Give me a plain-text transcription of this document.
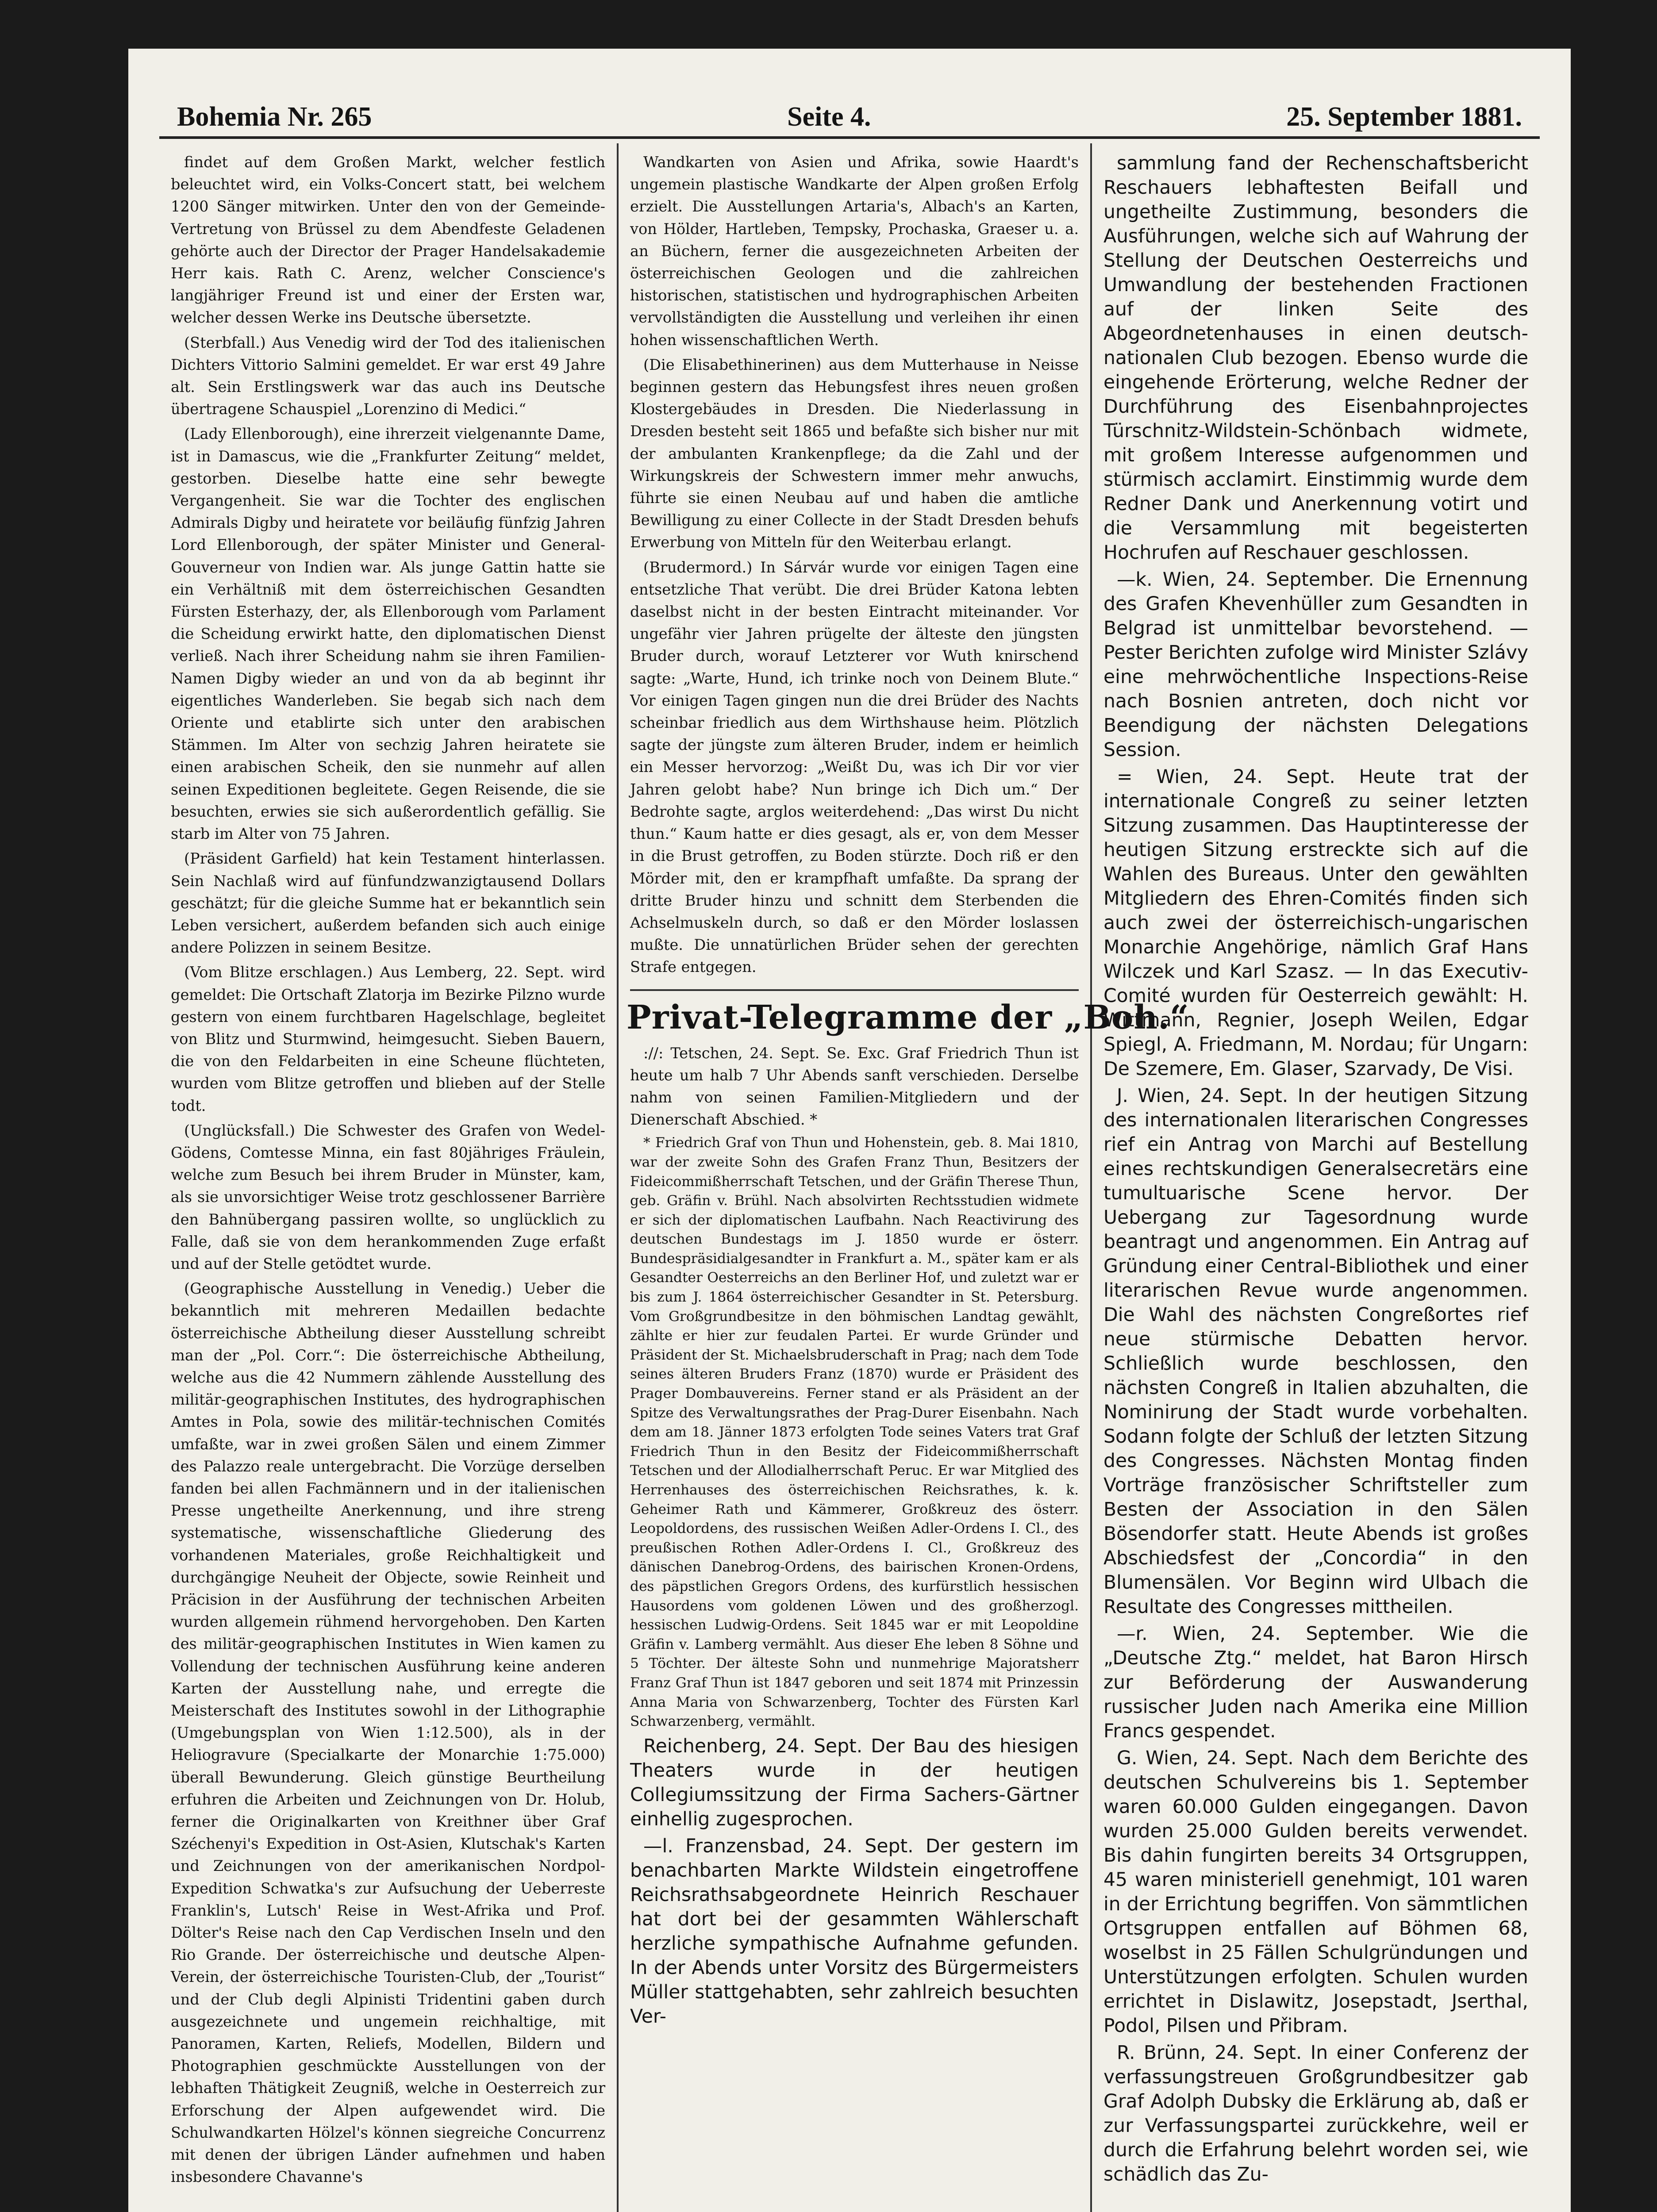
Bohemia Nr. 265	Seite 4.	25. September 1881.

findet auf dem Großen Markt, welcher festlich beleuchtet wird, ein Volks-Concert statt, bei welchem 1200 Sänger mitwirken. Unter den von der Gemeinde-Vertretung von Brüssel zu dem Abendfeste Geladenen gehörte auch der Director der Prager Handelsakademie Herr kais. Rath C. Arenz, welcher Conscience's langjähriger Freund ist und einer der Ersten war, welcher dessen Werke ins Deutsche übersetzte.

(Sterbfall.) Aus Venedig wird der Tod des italienischen Dichters Vittorio Salmini gemeldet. Er war erst 49 Jahre alt. Sein Erstlingswerk war das auch ins Deutsche übertragene Schauspiel „Lorenzino di Medici.“

(Lady Ellenborough), eine ihrerzeit vielgenannte Dame, ist in Damascus, wie die „Frankfurter Zeitung“ meldet, gestorben. Dieselbe hatte eine sehr bewegte Vergangenheit. Sie war die Tochter des englischen Admirals Digby und heiratete vor beiläufig fünfzig Jahren Lord Ellenborough, der später Minister und General-Gouverneur von Indien war. Als junge Gattin hatte sie ein Verhältniß mit dem österreichischen Gesandten Fürsten Esterhazy, der, als Ellenborough vom Parlament die Scheidung erwirkt hatte, den diplomatischen Dienst verließ. Nach ihrer Scheidung nahm sie ihren Familien-Namen Digby wieder an und von da ab beginnt ihr eigentliches Wanderleben. Sie begab sich nach dem Oriente und etablirte sich unter den arabischen Stämmen. Im Alter von sechzig Jahren heiratete sie einen arabischen Scheik, den sie nunmehr auf allen seinen Expeditionen begleitete. Gegen Reisende, die sie besuchten, erwies sie sich außerordentlich gefällig. Sie starb im Alter von 75 Jahren.

(Präsident Garfield) hat kein Testament hinterlassen. Sein Nachlaß wird auf fünfundzwanzigtausend Dollars geschätzt; für die gleiche Summe hat er bekanntlich sein Leben versichert, außerdem befanden sich auch einige andere Polizzen in seinem Besitze.

(Vom Blitze erschlagen.) Aus Lemberg, 22. Sept. wird gemeldet: Die Ortschaft Zlatorja im Bezirke Pilzno wurde gestern von einem furchtbaren Hagelschlage, begleitet von Blitz und Sturmwind, heimgesucht. Sieben Bauern, die von den Feldarbeiten in eine Scheune flüchteten, wurden vom Blitze getroffen und blieben auf der Stelle todt.

(Unglücksfall.) Die Schwester des Grafen von Wedel-Gödens, Comtesse Minna, ein fast 80jähriges Fräulein, welche zum Besuch bei ihrem Bruder in Münster, kam, als sie unvorsichtiger Weise trotz geschlossener Barrière den Bahnübergang passiren wollte, so unglücklich zu Falle, daß sie von dem herankommenden Zuge erfaßt und auf der Stelle getödtet wurde.

(Geographische Ausstellung in Venedig.) Ueber die bekanntlich mit mehreren Medaillen bedachte österreichische Abtheilung dieser Ausstellung schreibt man der „Pol. Corr.“: Die österreichische Abtheilung, welche aus die 42 Nummern zählende Ausstellung des militär-geographischen Institutes, des hydrographischen Amtes in Pola, sowie des militär-technischen Comités umfaßte, war in zwei großen Sälen und einem Zimmer des Palazzo reale untergebracht. Die Vorzüge derselben fanden bei allen Fachmännern und in der italienischen Presse ungetheilte Anerkennung, und ihre streng systematische, wissenschaftliche Gliederung des vorhandenen Materiales, große Reichhaltigkeit und durchgängige Neuheit der Objecte, sowie Reinheit und Präcision in der Ausführung der technischen Arbeiten wurden allgemein rühmend hervorgehoben. Den Karten des militär-geographischen Institutes in Wien kamen zu Vollendung der technischen Ausführung keine anderen Karten der Ausstellung nahe, und erregte die Meisterschaft des Institutes sowohl in der Lithographie (Umgebungsplan von Wien 1:12.500), als in der Heliogravure (Specialkarte der Monarchie 1:75.000) überall Bewunderung. Gleich günstige Beurtheilung erfuhren die Arbeiten und Zeichnungen von Dr. Holub, ferner die Originalkarten von Kreithner über Graf Széchenyi's Expedition in Ost-Asien, Klutschak's Karten und Zeichnungen von der amerikanischen Nordpol-Expedition Schwatka's zur Aufsuchung der Ueberreste Franklin's, Lutsch' Reise in West-Afrika und Prof. Dölter's Reise nach den Cap Verdischen Inseln und den Rio Grande. Der österreichische und deutsche Alpen-Verein, der österreichische Touristen-Club, der „Tourist“ und der Club degli Alpinisti Tridentini gaben durch ausgezeichnete und ungemein reichhaltige, mit Panoramen, Karten, Reliefs, Modellen, Bildern und Photographien geschmückte Ausstellungen von der lebhaften Thätigkeit Zeugniß, welche in Oesterreich zur Erforschung der Alpen aufgewendet wird. Die Schulwandkarten Hölzel's können siegreiche Concurrenz mit denen der übrigen Länder aufnehmen und haben insbesondere Chavanne's

Wandkarten von Asien und Afrika, sowie Haardt's ungemein plastische Wandkarte der Alpen großen Erfolg erzielt. Die Ausstellungen Artaria's, Albach's an Karten, von Hölder, Hartleben, Tempsky, Prochaska, Graeser u. a. an Büchern, ferner die ausgezeichneten Arbeiten der österreichischen Geologen und die zahlreichen historischen, statistischen und hydrographischen Arbeiten vervollständigten die Ausstellung und verleihen ihr einen hohen wissenschaftlichen Werth.

(Die Elisabethinerinen) aus dem Mutterhause in Neisse beginnen gestern das Hebungsfest ihres neuen großen Klostergebäudes in Dresden. Die Niederlassung in Dresden besteht seit 1865 und befaßte sich bisher nur mit der ambulanten Krankenpflege; da die Zahl und der Wirkungskreis der Schwestern immer mehr anwuchs, führte sie einen Neubau auf und haben die amtliche Bewilligung zu einer Collecte in der Stadt Dresden behufs Erwerbung von Mitteln für den Weiterbau erlangt.

(Brudermord.) In Sárvár wurde vor einigen Tagen eine entsetzliche That verübt. Die drei Brüder Katona lebten daselbst nicht in der besten Eintracht miteinander. Vor ungefähr vier Jahren prügelte der älteste den jüngsten Bruder durch, worauf Letzterer vor Wuth knirschend sagte: „Warte, Hund, ich trinke noch von Deinem Blute.“ Vor einigen Tagen gingen nun die drei Brüder des Nachts scheinbar friedlich aus dem Wirthshause heim. Plötzlich sagte der jüngste zum älteren Bruder, indem er heimlich ein Messer hervorzog: „Weißt Du, was ich Dir vor vier Jahren gelobt habe? Nun bringe ich Dich um.“ Der Bedrohte sagte, arglos weiterdehend: „Das wirst Du nicht thun.“ Kaum hatte er dies gesagt, als er, von dem Messer in die Brust getroffen, zu Boden stürzte. Doch riß er den Mörder mit, den er krampfhaft umfaßte. Da sprang der dritte Bruder hinzu und schnitt dem Sterbenden die Achselmuskeln durch, so daß er den Mörder loslassen mußte. Die unnatürlichen Brüder sehen der gerechten Strafe entgegen.

Privat-Telegramme der „Boh.“

://: Tetschen, 24. Sept. Se. Exc. Graf Friedrich Thun ist heute um halb 7 Uhr Abends sanft verschieden. Derselbe nahm von seinen Familien-Mitgliedern und der Dienerschaft Abschied. *

* Friedrich Graf von Thun und Hohenstein, geb. 8. Mai 1810, war der zweite Sohn des Grafen Franz Thun, Besitzers der Fideicommißherrschaft Tetschen, und der Gräfin Therese Thun, geb. Gräfin v. Brühl. Nach absolvirten Rechtsstudien widmete er sich der diplomatischen Laufbahn. Nach Reactivirung des deutschen Bundestags im J. 1850 wurde er österr. Bundespräsidialgesandter in Frankfurt a. M., später kam er als Gesandter Oesterreichs an den Berliner Hof, und zuletzt war er bis zum J. 1864 österreichischer Gesandter in St. Petersburg. Vom Großgrundbesitze in den böhmischen Landtag gewählt, zählte er hier zur feudalen Partei. Er wurde Gründer und Präsident der St. Michaelsbruderschaft in Prag; nach dem Tode seines älteren Bruders Franz (1870) wurde er Präsident des Prager Dombauvereins. Ferner stand er als Präsident an der Spitze des Verwaltungsrathes der Prag-Durer Eisenbahn. Nach dem am 18. Jänner 1873 erfolgten Tode seines Vaters trat Graf Friedrich Thun in den Besitz der Fideicommißherrschaft Tetschen und der Allodialherrschaft Peruc. Er war Mitglied des Herrenhauses des österreichischen Reichsrathes, k. k. Geheimer Rath und Kämmerer, Großkreuz des österr. Leopoldordens, des russischen Weißen Adler-Ordens I. Cl., des preußischen Rothen Adler-Ordens I. Cl., Großkreuz des dänischen Danebrog-Ordens, des bairischen Kronen-Ordens, des päpstlichen Gregors Ordens, des kurfürstlich hessischen Hausordens vom goldenen Löwen und des großherzogl. hessischen Ludwig-Ordens. Seit 1845 war er mit Leopoldine Gräfin v. Lamberg vermählt. Aus dieser Ehe leben 8 Söhne und 5 Töchter. Der älteste Sohn und nunmehrige Majoratsherr Franz Graf Thun ist 1847 geboren und seit 1874 mit Prinzessin Anna Maria von Schwarzenberg, Tochter des Fürsten Karl Schwarzenberg, vermählt.

Reichenberg, 24. Sept. Der Bau des hiesigen Theaters wurde in der heutigen Collegiumssitzung der Firma Sachers-Gärtner einhellig zugesprochen.

—l. Franzensbad, 24. Sept. Der gestern im benachbarten Markte Wildstein eingetroffene Reichsrathsabgeordnete Heinrich Reschauer hat dort bei der gesammten Wählerschaft herzliche sympathische Aufnahme gefunden. In der Abends unter Vorsitz des Bürgermeisters Müller stattgehabten, sehr zahlreich besuchten Ver-

sammlung fand der Rechenschaftsbericht Reschauers lebhaftesten Beifall und ungetheilte Zustimmung, besonders die Ausführungen, welche sich auf Wahrung der Stellung der Deutschen Oesterreichs und Umwandlung der bestehenden Fractionen auf der linken Seite des Abgeordnetenhauses in einen deutsch-nationalen Club bezogen. Ebenso wurde die eingehende Erörterung, welche Redner der Durchführung des Eisenbahnprojectes Türschnitz-Wildstein-Schönbach widmete, mit großem Interesse aufgenommen und stürmisch acclamirt. Einstimmig wurde dem Redner Dank und Anerkennung votirt und die Versammlung mit begeisterten Hochrufen auf Reschauer geschlossen.

—k. Wien, 24. September. Die Ernennung des Grafen Khevenhüller zum Gesandten in Belgrad ist unmittelbar bevorstehend. — Pester Berichten zufolge wird Minister Szlávy eine mehrwöchentliche Inspections-Reise nach Bosnien antreten, doch nicht vor Beendigung der nächsten Delegations Session.

= Wien, 24. Sept. Heute trat der internationale Congreß zu seiner letzten Sitzung zusammen. Das Hauptinteresse der heutigen Sitzung erstreckte sich auf die Wahlen des Bureaus. Unter den gewählten Mitgliedern des Ehren-Comités finden sich auch zwei der österreichisch-ungarischen Monarchie Angehörige, nämlich Graf Hans Wilczek und Karl Szasz. — In das Executiv-Comité wurden für Oesterreich gewählt: H. Wittmann, Regnier, Joseph Weilen, Edgar Spiegl, A. Friedmann, M. Nordau; für Ungarn: De Szemere, Em. Glaser, Szarvady, De Visi.

J. Wien, 24. Sept. In der heutigen Sitzung des internationalen literarischen Congresses rief ein Antrag von Marchi auf Bestellung eines rechtskundigen Generalsecretärs eine tumultuarische Scene hervor. Der Uebergang zur Tagesordnung wurde beantragt und angenommen. Ein Antrag auf Gründung einer Central-Bibliothek und einer literarischen Revue wurde angenommen. Die Wahl des nächsten Congreßortes rief neue stürmische Debatten hervor. Schließlich wurde beschlossen, den nächsten Congreß in Italien abzuhalten, die Nominirung der Stadt wurde vorbehalten. Sodann folgte der Schluß der letzten Sitzung des Congresses. Nächsten Montag finden Vorträge französischer Schriftsteller zum Besten der Association in den Sälen Bösendorfer statt. Heute Abends ist großes Abschiedsfest der „Concordia“ in den Blumensälen. Vor Beginn wird Ulbach die Resultate des Congresses mittheilen.

—r. Wien, 24. September. Wie die „Deutsche Ztg.“ meldet, hat Baron Hirsch zur Beförderung der Auswanderung russischer Juden nach Amerika eine Million Francs gespendet.

G. Wien, 24. Sept. Nach dem Berichte des deutschen Schulvereins bis 1. September waren 60.000 Gulden eingegangen. Davon wurden 25.000 Gulden bereits verwendet. Bis dahin fungirten bereits 34 Ortsgruppen, 45 waren ministeriell genehmigt, 101 waren in der Errichtung begriffen. Von sämmtlichen Ortsgruppen entfallen auf Böhmen 68, woselbst in 25 Fällen Schulgründungen und Unterstützungen erfolgten. Schulen wurden errichtet in Dislawitz, Josepstadt, Jserthal, Podol, Pilsen und Přibram.

R. Brünn, 24. Sept. In einer Conferenz der verfassungstreuen Großgrundbesitzer gab Graf Adolph Dubsky die Erklärung ab, daß er zur Verfassungspartei zurückkehre, weil er durch die Erfahrung belehrt worden sei, wie schädlich das Zu-
